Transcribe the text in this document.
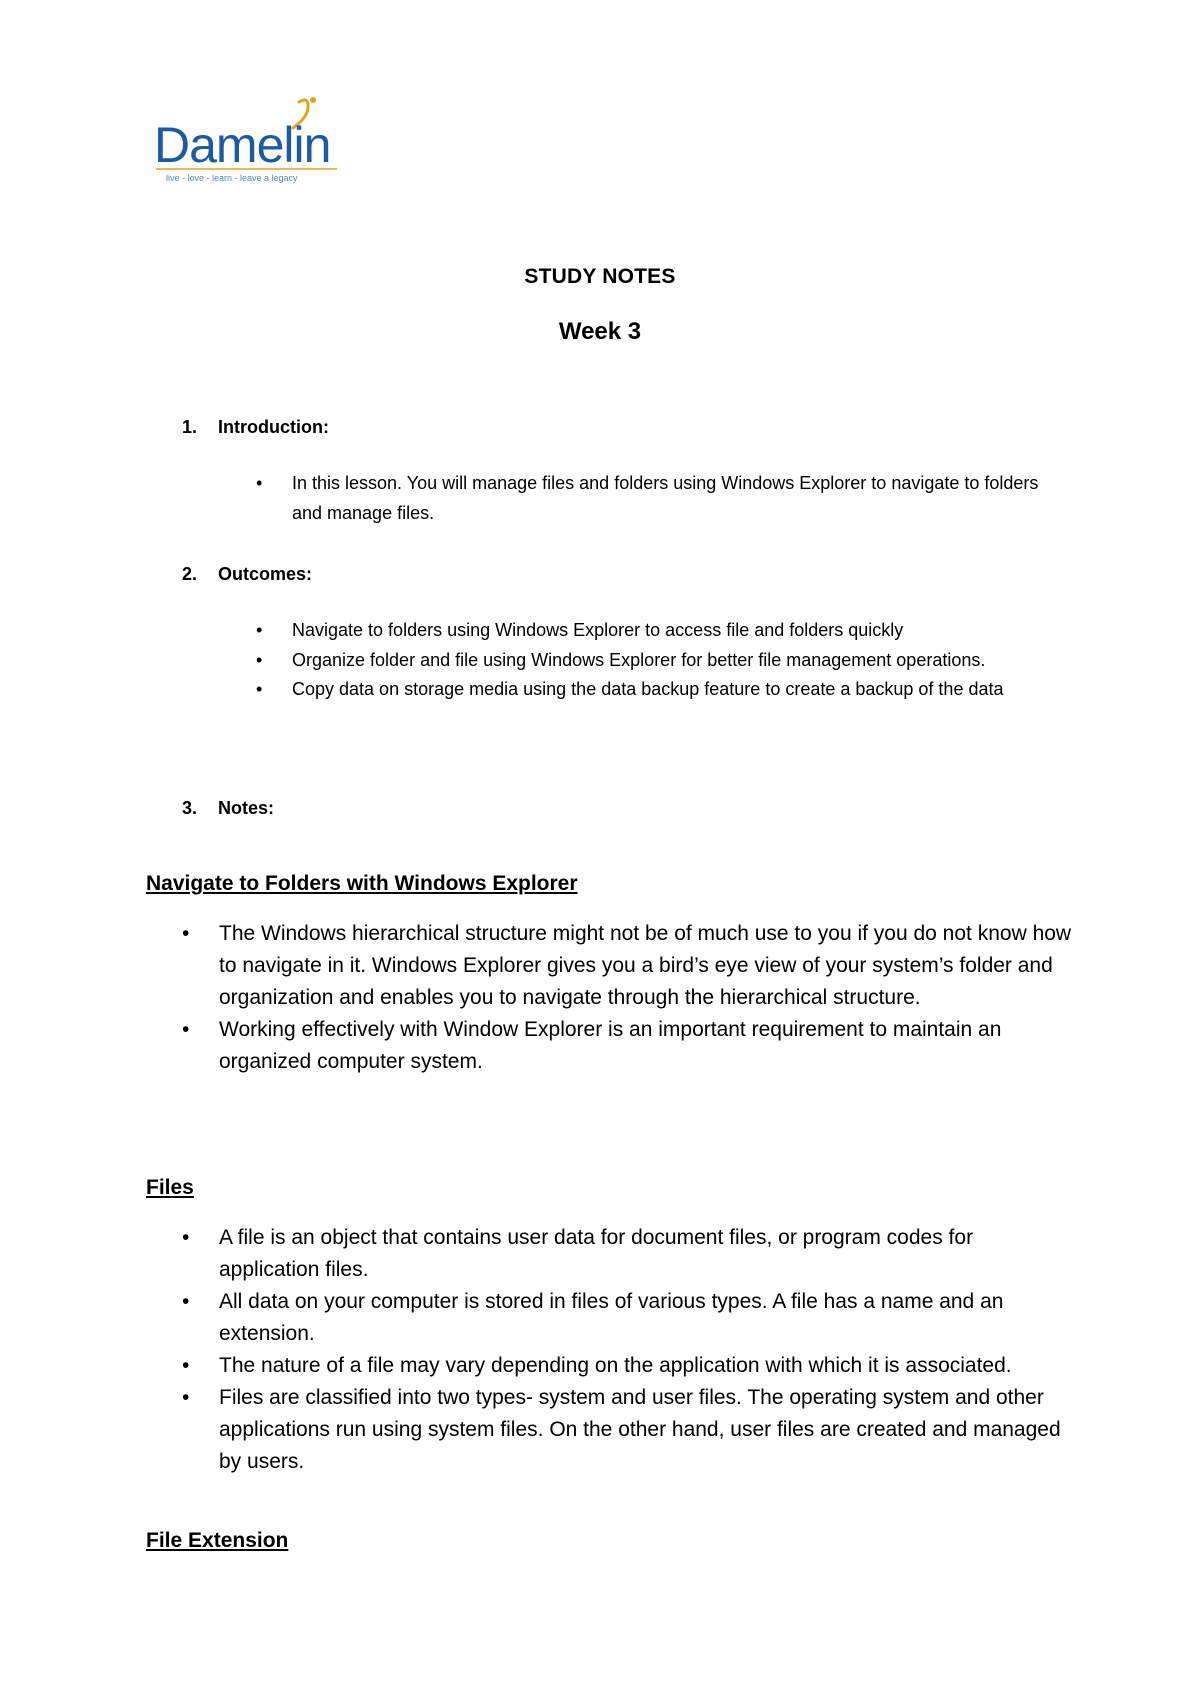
Damelin
live - love - learn - leave a legacy
STUDY NOTES
Week 3
1. Introduction:
• In this lesson. You will manage files and folders using Windows Explorer to navigate to folders and manage files.
2. Outcomes:
• Navigate to folders using Windows Explorer to access file and folders quickly
• Organize folder and file using Windows Explorer for better file management operations.
• Copy data on storage media using the data backup feature to create a backup of the data
3. Notes:
Navigate to Folders with Windows Explorer
• The Windows hierarchical structure might not be of much use to you if you do not know how to navigate in it. Windows Explorer gives you a bird’s eye view of your system’s folder and organization and enables you to navigate through the hierarchical structure.
• Working effectively with Window Explorer is an important requirement to maintain an organized computer system.
Files
• A file is an object that contains user data for document files, or program codes for application files.
• All data on your computer is stored in files of various types. A file has a name and an extension.
• The nature of a file may vary depending on the application with which it is associated.
• Files are classified into two types- system and user files. The operating system and other applications run using system files. On the other hand, user files are created and managed by users.
File Extension
